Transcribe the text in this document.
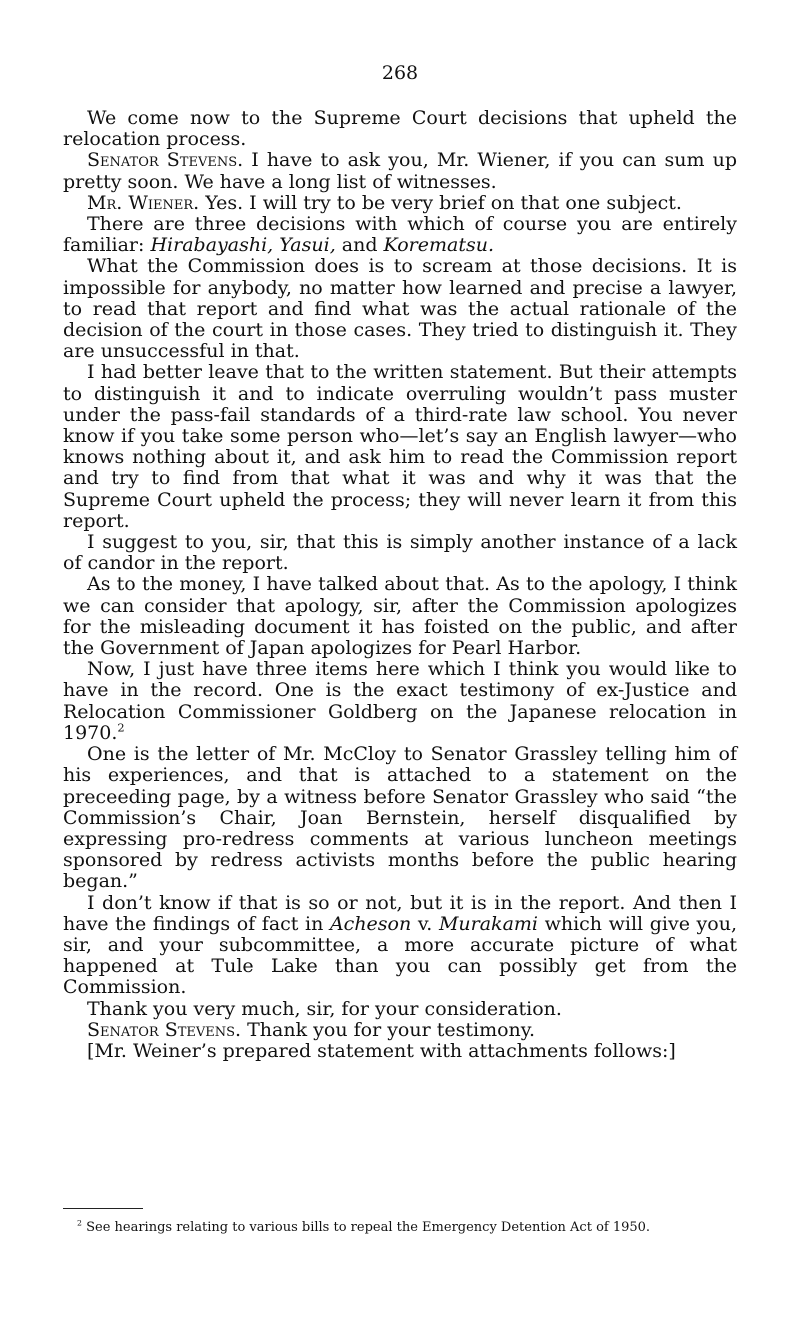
268

We come now to the Supreme Court decisions that upheld the relocation process.

Senator Stevens. I have to ask you, Mr. Wiener, if you can sum up pretty soon. We have a long list of witnesses.

Mr. Wiener. Yes. I will try to be very brief on that one subject.

There are three decisions with which of course you are entirely familiar: Hirabayashi, Yasui, and Korematsu.

What the Commission does is to scream at those decisions. It is impossible for anybody, no matter how learned and precise a lawyer, to read that report and find what was the actual rationale of the decision of the court in those cases. They tried to distinguish it. They are unsuccessful in that.

I had better leave that to the written statement. But their attempts to distinguish it and to indicate overruling wouldn’t pass muster under the pass-fail standards of a third-rate law school. You never know if you take some person who—let’s say an English lawyer—who knows nothing about it, and ask him to read the Commission report and try to find from that what it was and why it was that the Supreme Court upheld the process; they will never learn it from this report.

I suggest to you, sir, that this is simply another instance of a lack of candor in the report.

As to the money, I have talked about that. As to the apology, I think we can consider that apology, sir, after the Commission apologizes for the misleading document it has foisted on the public, and after the Government of Japan apologizes for Pearl Harbor.

Now, I just have three items here which I think you would like to have in the record. One is the exact testimony of ex-Justice and Relocation Commissioner Goldberg on the Japanese relocation in 1970.$^2$

One is the letter of Mr. McCloy to Senator Grassley telling him of his experiences, and that is attached to a statement on the preceeding page, by a witness before Senator Grassley who said “the Commission’s Chair, Joan Bernstein, herself disqualified by expressing pro-redress comments at various luncheon meetings sponsored by redress activists months before the public hearing began.”

I don’t know if that is so or not, but it is in the report. And then I have the findings of fact in Acheson v. Murakami which will give you, sir, and your subcommittee, a more accurate picture of what happened at Tule Lake than you can possibly get from the Commission.

Thank you very much, sir, for your consideration.

Senator Stevens. Thank you for your testimony.

[Mr. Weiner’s prepared statement with attachments follows:]

$^2$ See hearings relating to various bills to repeal the Emergency Detention Act of 1950.
